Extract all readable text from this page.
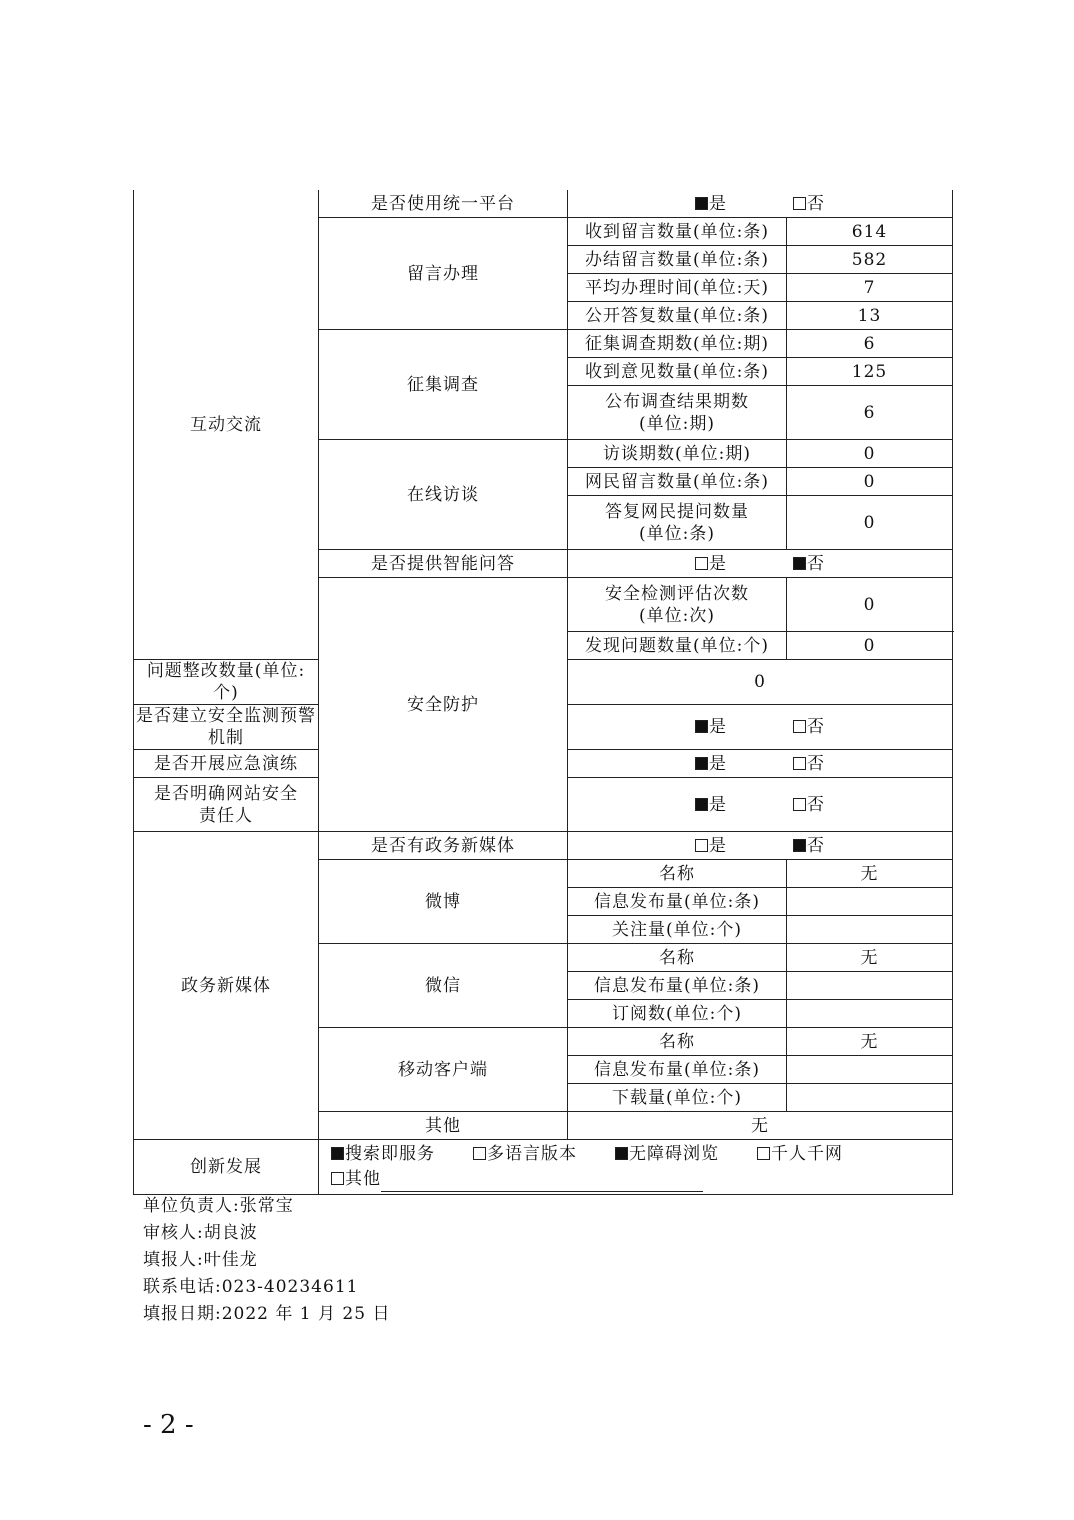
互动交流	是否使用统一平台	是 否	
	留言办理	收到留言数量(单位:条)	614
		办结留言数量(单位:条)	582
		平均办理时间(单位:天)	7
		公开答复数量(单位:条)	13
	征集调查	征集调查期数(单位:期)	6
		收到意见数量(单位:条)	125

		公布调查结果期数
(单位:期)	6
	在线访谈	访谈期数(单位:期)	0
		网民留言数量(单位:条)	0

		答复网民提问数量
(单位:条)	0
	是否提供智能问答	是 否	
	安全防护	安全检测评估次数
(单位:次)	0
		发现问题数量(单位:个)	0
问题整改数量(单位:个)		0	
是否建立安全监测预警机制		是 否	
是否开展应急演练		是 否	

是否明确网站安全
责任人		是 否	
政务新媒体	是否有政务新媒体	是 否	
	微博	名称	无
		信息发布量(单位:条)	
		关注量(单位:个)	
	微信	名称	无
		信息发布量(单位:条)	
		订阅数(单位:个)	
	移动客户端	名称	无
		信息发布量(单位:条)	
		下载量(单位:个)	
	其他	无	
创新发展	搜索即服务 多语言版本 无障碍浏览 千人千网
其他		
单位负责人:张常宝
审核人:胡良波
填报人:叶佳龙
联系电话:023-40234611
填报日期:2022 年 1 月 25 日
- 2 -
